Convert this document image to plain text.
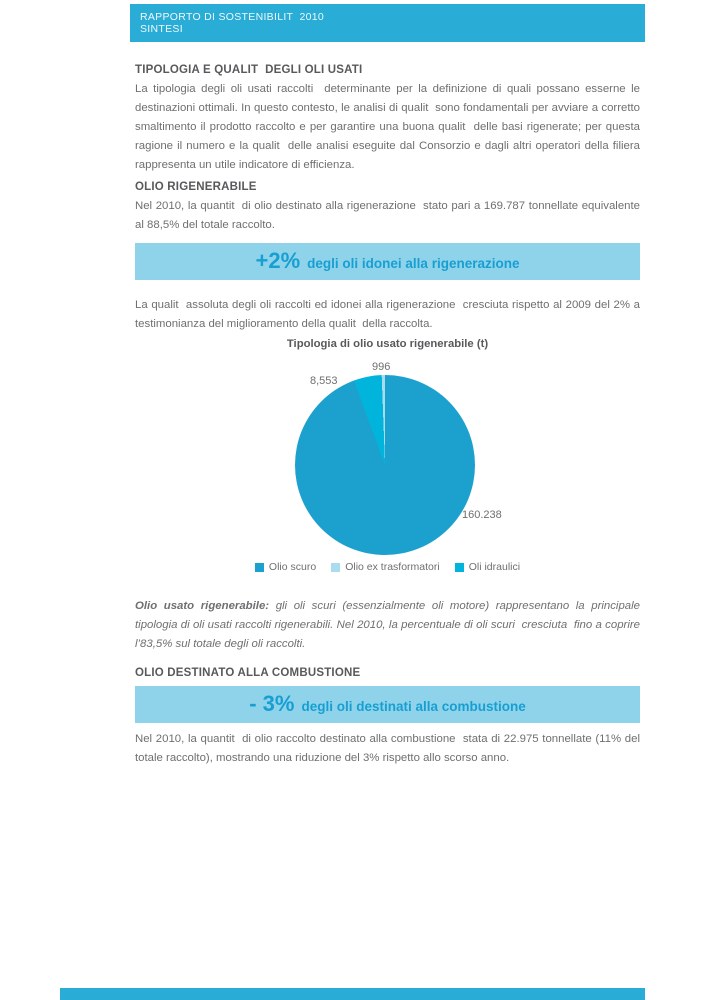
RAPPORTO DI SOSTENIBILIT  2010
SINTESI
TIPOLOGIA E QUALIT  DEGLI OLI USATI
La tipologia degli oli usati raccolti  determinante per la definizione di quali possano esserne le destinazioni ottimali. In questo contesto, le analisi di qualit  sono fondamentali per avviare a corretto smaltimento il prodotto raccolto e per garantire una buona qualit  delle basi rigenerate; per questa ragione il numero e la qualit  delle analisi eseguite dal Consorzio e dagli altri operatori della filiera rappresenta un utile indicatore di efficienza.
OLIO RIGENERABILE
Nel 2010, la quantit  di olio destinato alla rigenerazione  stato pari a 169.787 tonnellate equivalente al 88,5% del totale raccolto.
+2% degli oli idonei alla rigenerazione
La qualit  assoluta degli oli raccolti ed idonei alla rigenerazione  cresciuta rispetto al 2009 del 2% a testimonianza del miglioramento della qualit  della raccolta.
Tipologia di olio usato rigenerabile (t)
996
8,553
160.238
Olio scuro	Olio ex trasformatori	Oli idraulici
Olio usato rigenerabile: gli oli scuri (essenzialmente oli motore) rappresentano la principale tipologia di oli usati raccolti rigenerabili. Nel 2010, la percentuale di oli scuri  cresciuta  fino a coprire l’83,5% sul totale degli oli raccolti.
OLIO DESTINATO ALLA COMBUSTIONE
- 3% degli oli destinati alla combustione
Nel 2010, la quantit  di olio raccolto destinato alla combustione  stata di 22.975 tonnellate (11% del totale raccolto), mostrando una riduzione del 3% rispetto allo scorso anno.
